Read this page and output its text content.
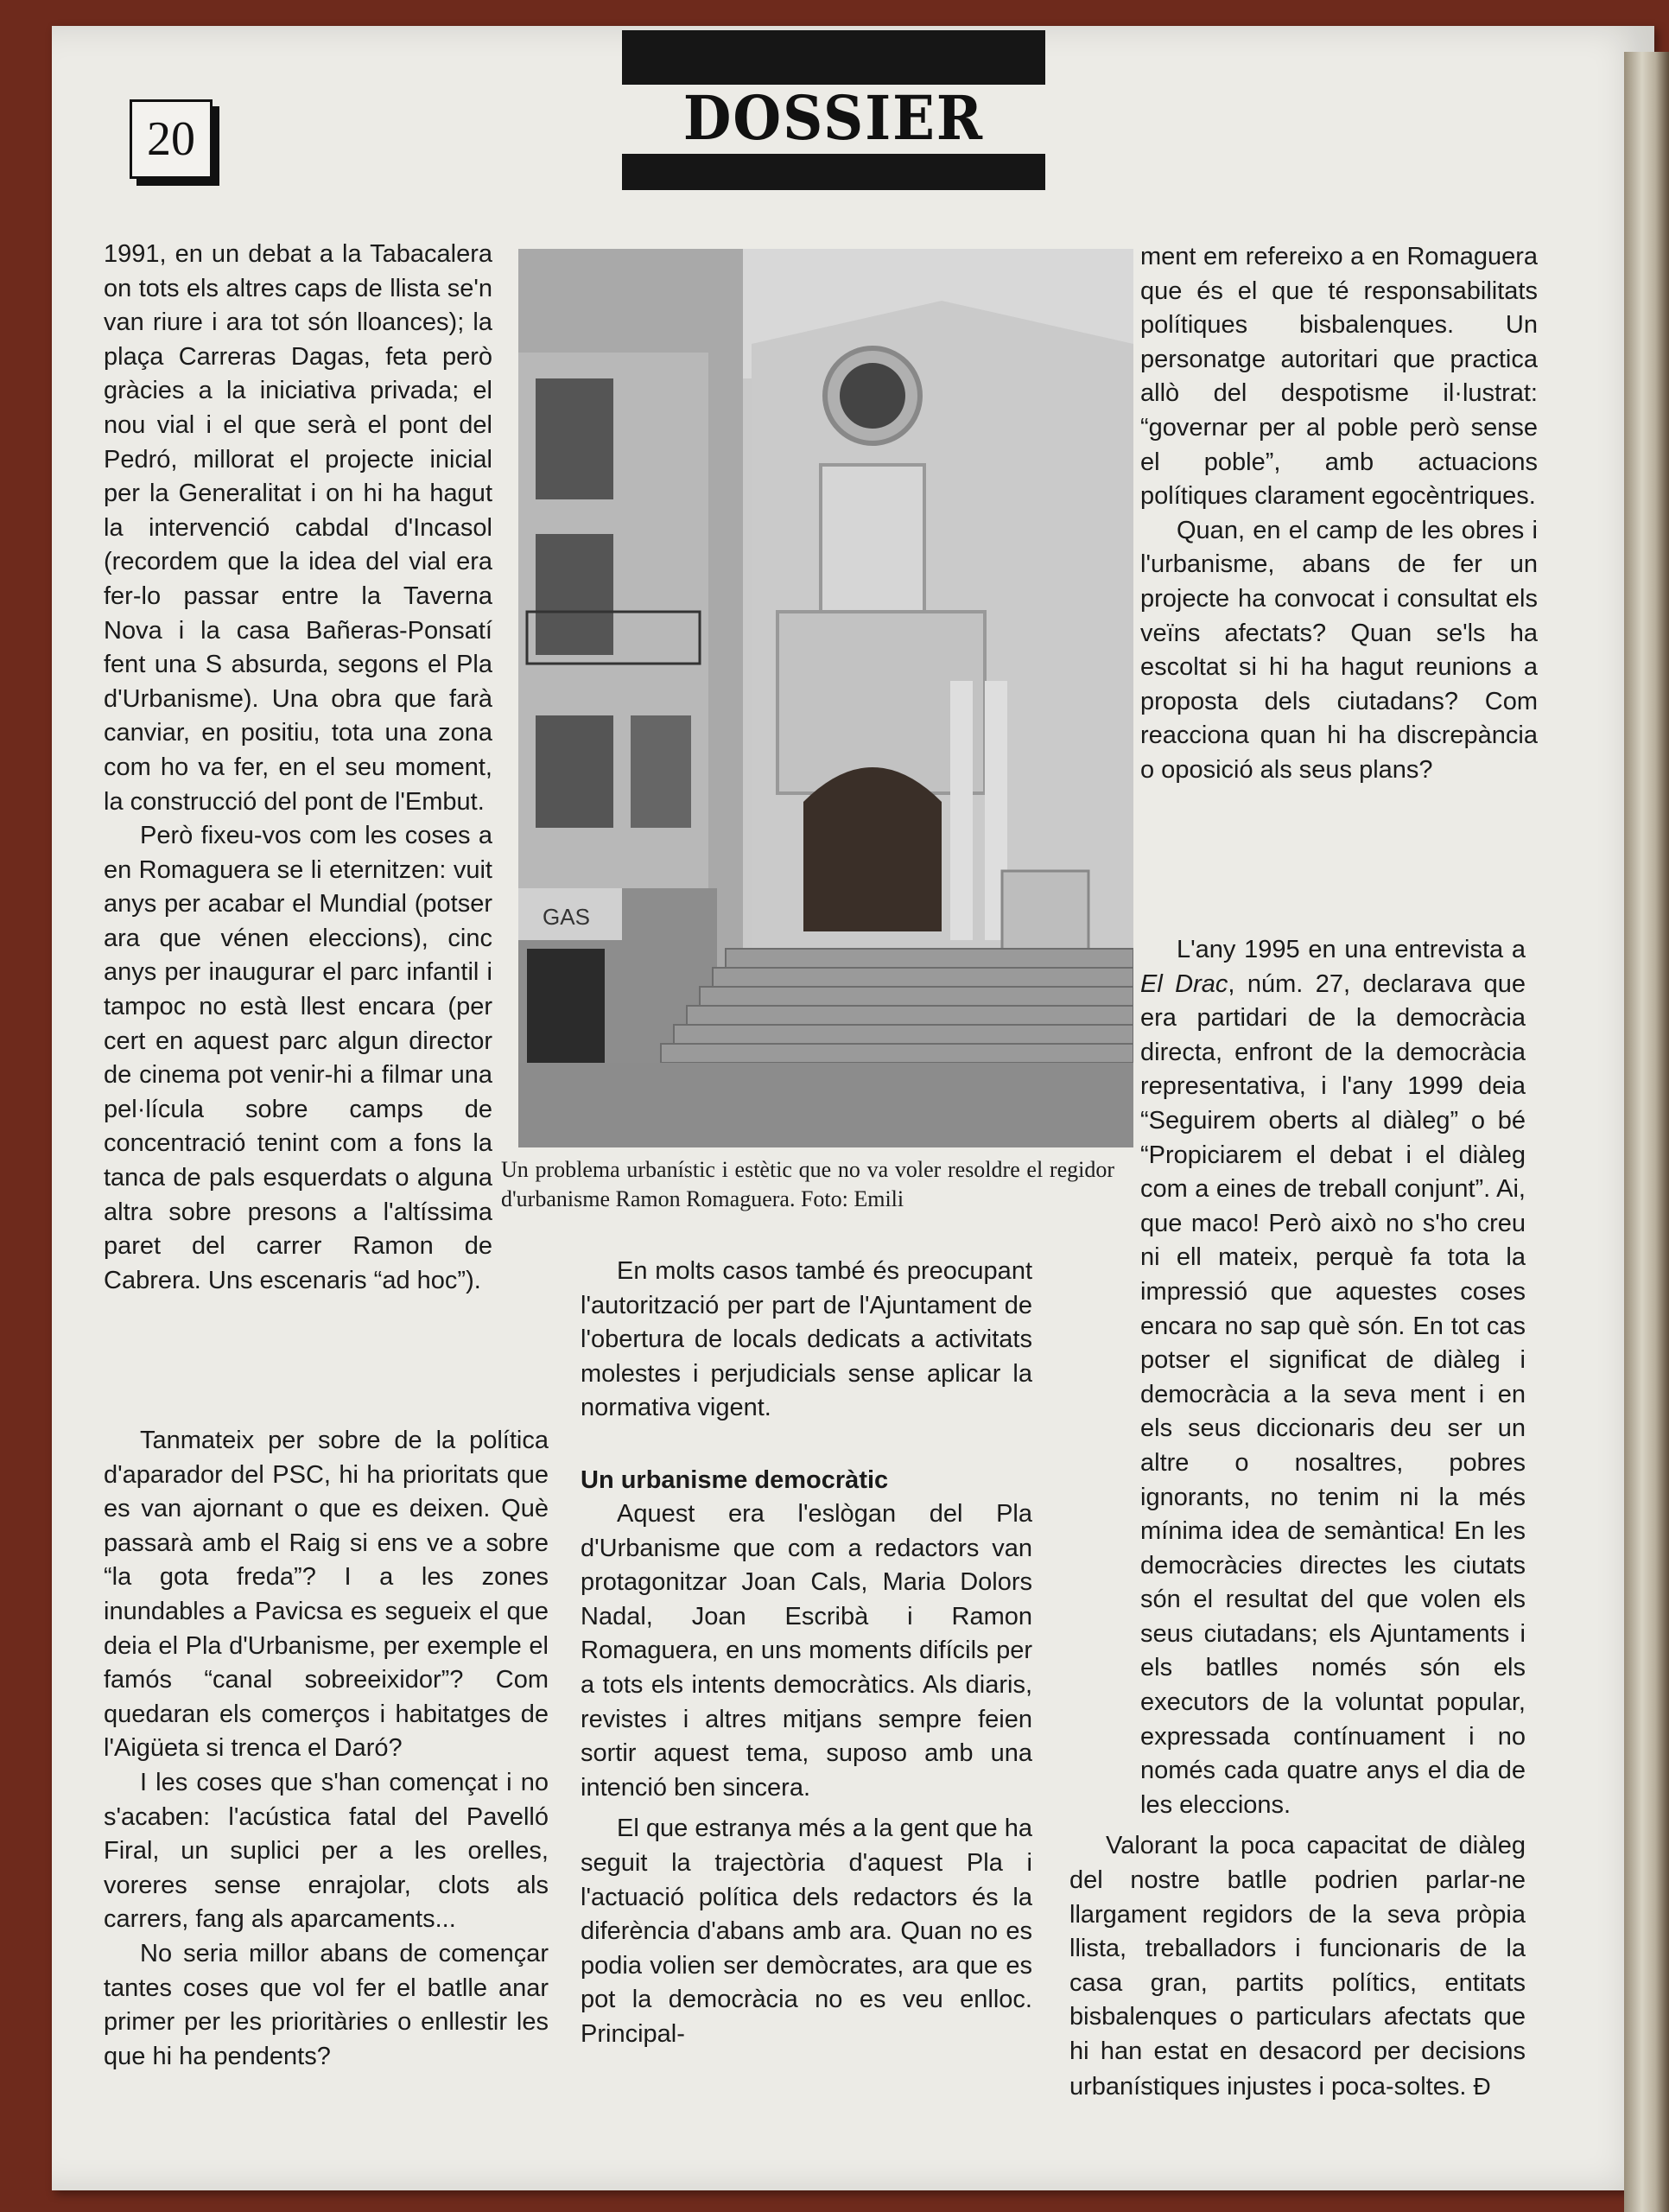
20	DOSSIER

1991, en un debat a la Tabacalera on tots els altres caps de llista se'n van riure i ara tot són lloances); la plaça Carreras Dagas, feta però gràcies a la iniciativa privada; el nou vial i el que serà el pont del Pedró, millorat el projecte inicial per la Generalitat i on hi ha hagut la intervenció cabdal d'Incasol (recordem que la idea del vial era fer-lo passar entre la Taverna Nova i la casa Bañeras-Ponsatí fent una S absurda, segons el Pla d'Urbanisme). Una obra que farà canviar, en positiu, tota una zona com ho va fer, en el seu moment, la construcció del pont de l'Embut.

Però fixeu-vos com les coses a en Romaguera se li eternitzen: vuit anys per acabar el Mundial (potser ara que vénen eleccions), cinc anys per inaugurar el parc infantil i tampoc no està llest encara (per cert en aquest parc algun director de cinema pot venir-hi a filmar una pel·lícula sobre camps de concentració tenint com a fons la tanca de pals esquerdats o alguna altra sobre presons a l'altíssima paret del carrer Ramon de Cabrera. Uns escenaris “ad hoc”).

Tanmateix per sobre de la política d'aparador del PSC, hi ha prioritats que es van ajornant o que es deixen. Què passarà amb el Raig si ens ve a sobre “la gota freda”? I a les zones inundables a Pavicsa es segueix el que deia el Pla d'Urbanisme, per exemple el famós “canal sobreeixidor”? Com quedaran els comerços i habitatges de l'Aigüeta si trenca el Daró?

I les coses que s'han començat i no s'acaben: l'acústica fatal del Pavelló Firal, un suplici per a les orelles, voreres sense enrajolar, clots als carrers, fang als aparcaments...

No seria millor abans de començar tantes coses que vol fer el batlle anar primer per les prioritàries o enllestir les que hi ha pendents?

GAS
Un problema urbanístic i estètic que no va voler resoldre el regidor d'urbanisme Ramon Romaguera. Foto: Emili

En molts casos també és preocupant l'autorització per part de l'Ajuntament de l'obertura de locals dedicats a activitats molestes i perjudicials sense aplicar la normativa vigent.

Un urbanisme democràtic

Aquest era l'eslògan del Pla d'Urbanisme que com a redactors van protagonitzar Joan Cals, Maria Dolors Nadal, Joan Escribà i Ramon Romaguera, en uns moments difícils per a tots els intents democràtics. Als diaris, revistes i altres mitjans sempre feien sortir aquest tema, suposo amb una intenció ben sincera.

El que estranya més a la gent que ha seguit la trajectòria d'aquest Pla i l'actuació política dels redactors és la diferència d'abans amb ara. Quan no es podia volien ser demòcrates, ara que es pot la democràcia no es veu enlloc. Principal-

ment em refereixo a en Romaguera que és el que té responsabilitats polítiques bisbalenques. Un personatge autoritari que practica allò del despotisme il·lustrat: “governar per al poble però sense el poble”, amb actuacions polítiques clarament egocèntriques.

Quan, en el camp de les obres i l'urbanisme, abans de fer un projecte ha convocat i consultat els veïns afectats? Quan se'ls ha escoltat si hi ha hagut reunions a proposta dels ciutadans? Com reacciona quan hi ha discrepància o oposició als seus plans?

L'any 1995 en una entrevista a El Drac, núm. 27, declarava que era partidari de la democràcia directa, enfront de la democràcia representativa, i l'any 1999 deia “Seguirem oberts al diàleg” o bé “Propiciarem el debat i el diàleg com a eines de treball conjunt”. Ai, que maco! Però això no s'ho creu ni ell mateix, perquè fa tota la impressió que aquestes coses encara no sap què són. En tot cas potser el significat de diàleg i democràcia a la seva ment i en els seus diccionaris deu ser un altre o nosaltres, pobres ignorants, no tenim ni la més mínima idea de semàntica! En les democràcies directes les ciutats són el resultat del que volen els seus ciutadans; els Ajuntaments i els batlles només són els executors de la voluntat popular, expressada contínuament i no només cada quatre anys el dia de les eleccions.

Valorant la poca capacitat de diàleg del nostre batlle podrien parlar-ne llargament regidors de la seva pròpia llista, treballadors i funcionaris de la casa gran, partits polítics, entitats bisbalenques o particulars afectats que hi han estat en desacord per decisions urbanístiques injustes i poca-soltes. Ð
